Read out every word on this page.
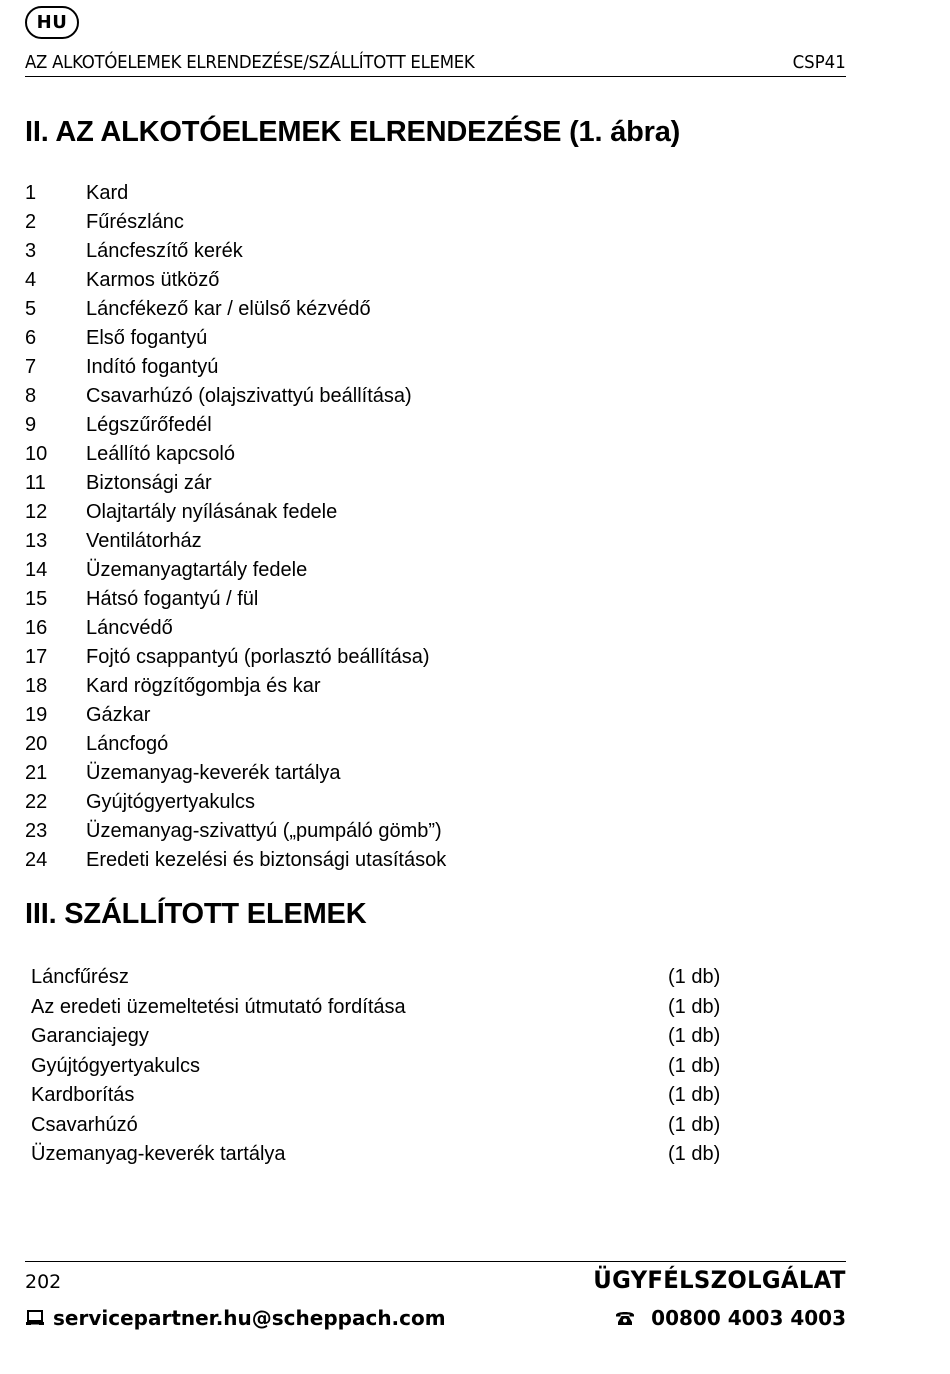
HU
AZ ALKOTÓELEMEK ELRENDEZÉSE/SZÁLLÍTOTT ELEMEK	CSP41
II. AZ ALKOTÓELEMEK ELRENDEZÉSE (1. ábra)
1 Kard
2 Fűrészlánc
3 Láncfeszítő kerék
4 Karmos ütköző
5 Láncfékező kar / elülső kézvédő
6 Első fogantyú
7 Indító fogantyú
8 Csavarhúzó (olajszivattyú beállítása)
9 Légszűrőfedél
10 Leállító kapcsoló
11 Biztonsági zár
12 Olajtartály nyílásának fedele
13 Ventilátorház
14 Üzemanyagtartály fedele
15 Hátsó fogantyú / fül
16 Láncvédő
17 Fojtó csappantyú (porlasztó beállítása)
18 Kard rögzítőgombja és kar
19 Gázkar
20 Láncfogó
21 Üzemanyag-keverék tartálya
22 Gyújtógyertyakulcs
23 Üzemanyag-szivattyú („pumpáló gömb”)
24 Eredeti kezelési és biztonsági utasítások
III. SZÁLLÍTOTT ELEMEK
Láncfűrész	(1 db)
Az eredeti üzemeltetési útmutató fordítása	(1 db)
Garanciajegy	(1 db)
Gyújtógyertyakulcs	(1 db)
Kardborítás	(1 db)
Csavarhúzó	(1 db)
Üzemanyag-keverék tartálya	(1 db)
202	ÜGYFÉLSZOLGÁLAT
servicepartner.hu@scheppach.com	00800 4003 4003
